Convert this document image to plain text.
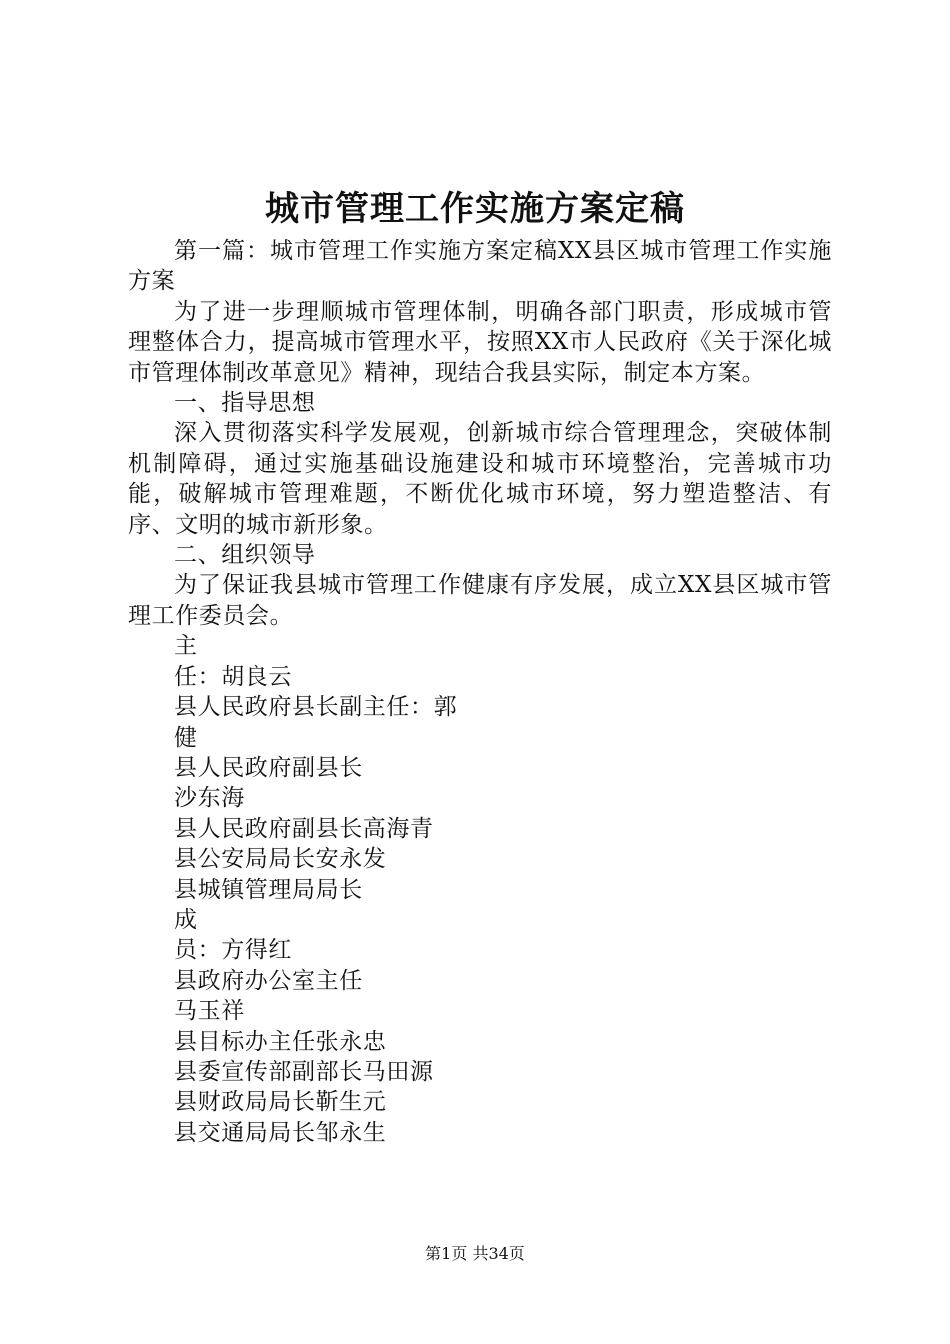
城市管理工作实施方案定稿

第一篇：城市管理工作实施方案定稿XX县区城市管理工作实施方案

为了进一步理顺城市管理体制，明确各部门职责，形成城市管理整体合力，提高城市管理水平，按照XX市人民政府《关于深化城市管理体制改革意见》精神，现结合我县实际，制定本方案。

一、指导思想

深入贯彻落实科学发展观，创新城市综合管理理念，突破体制机制障碍，通过实施基础设施建设和城市环境整治，完善城市功能，破解城市管理难题，不断优化城市环境，努力塑造整洁、有序、文明的城市新形象。

二、组织领导

为了保证我县城市管理工作健康有序发展，成立XX县区城市管理工作委员会。

主

任：胡良云

县人民政府县长副主任：郭

健

县人民政府副县长

沙东海

县人民政府副县长高海青

县公安局局长安永发

县城镇管理局局长

成

员：方得红

县政府办公室主任

马玉祥

县目标办主任张永忠

县委宣传部副部长马田源

县财政局局长靳生元

县交通局局长邹永生

第1页 共34页
